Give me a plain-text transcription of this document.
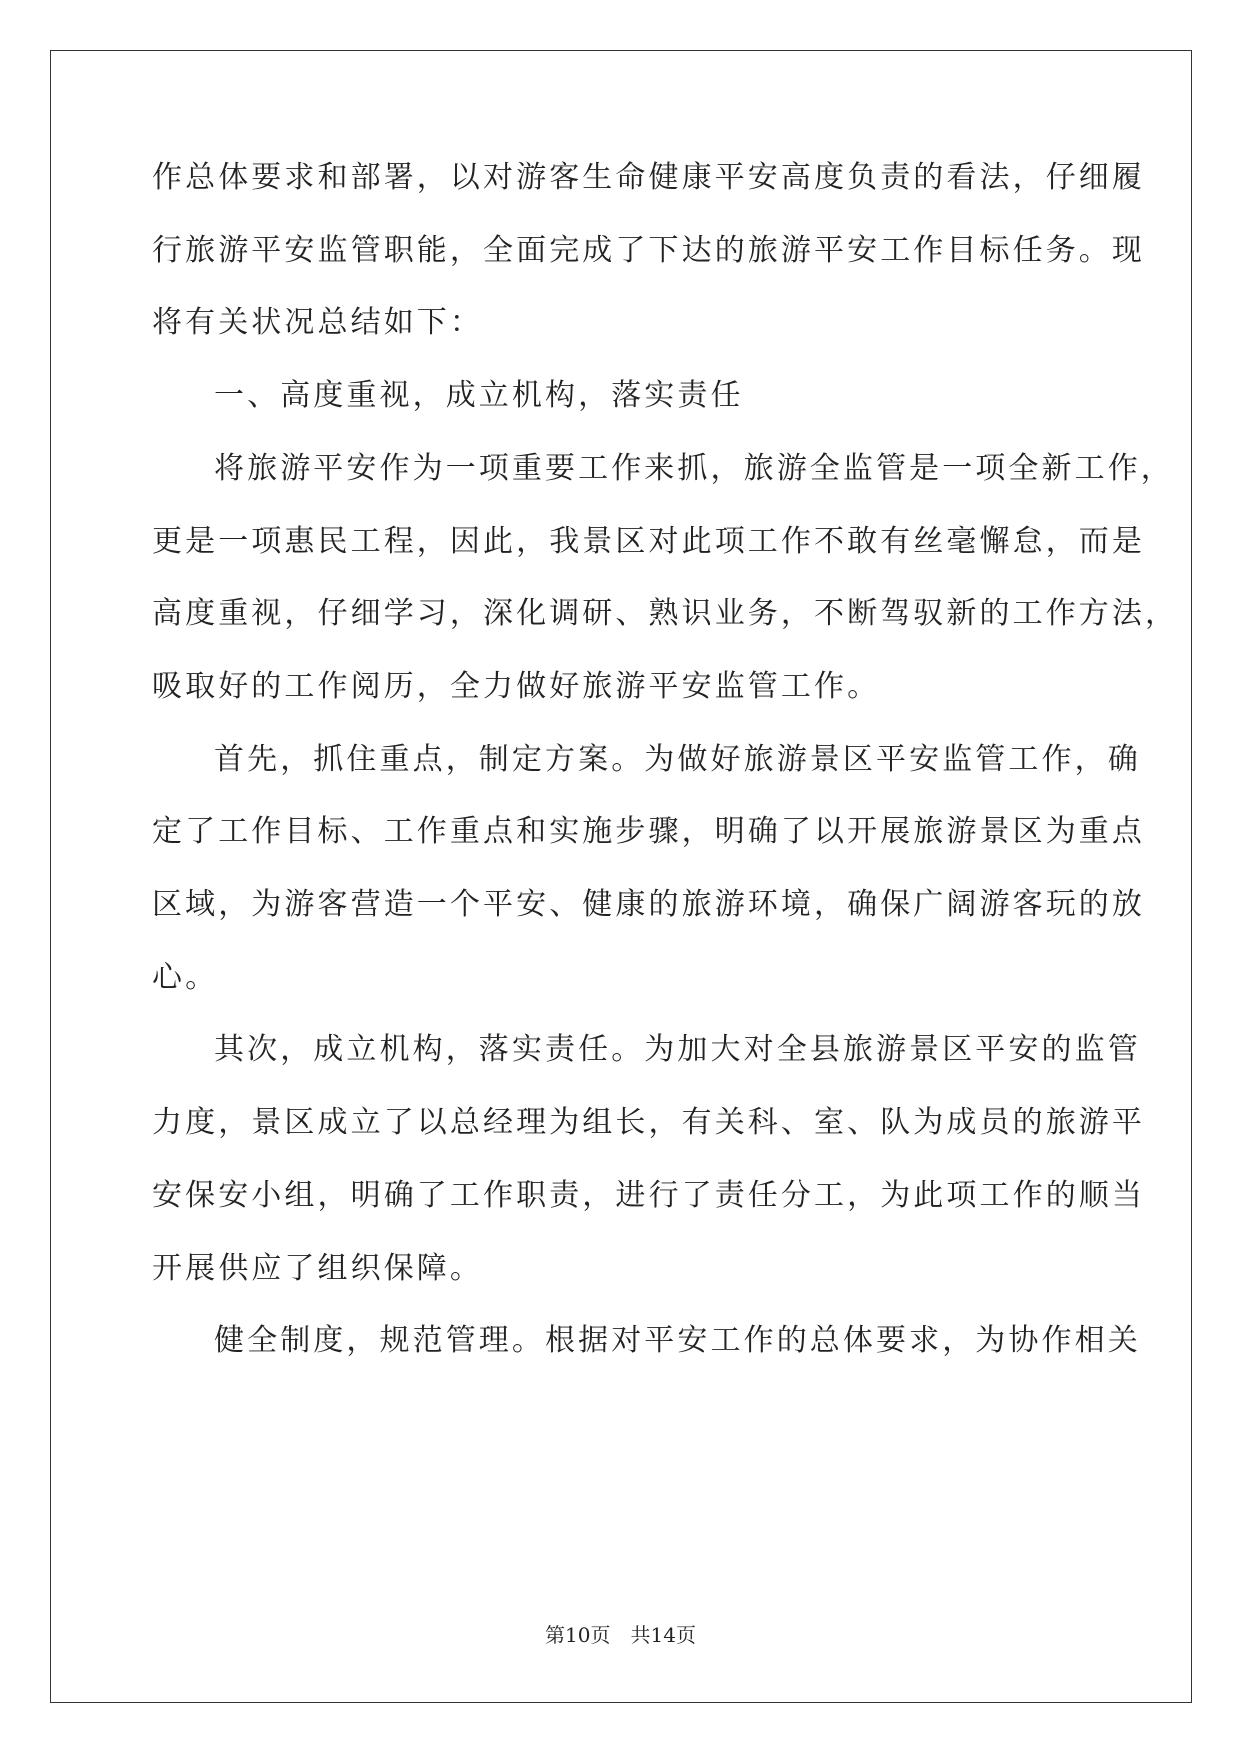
作总体要求和部署，以对游客生命健康平安高度负责的看法，仔细履
行旅游平安监管职能，全面完成了下达的旅游平安工作目标任务。现
将有关状况总结如下：
一、高度重视，成立机构，落实责任
将旅游平安作为一项重要工作来抓，旅游全监管是一项全新工作，
更是一项惠民工程，因此，我景区对此项工作不敢有丝毫懈怠，而是
高度重视，仔细学习，深化调研、熟识业务，不断驾驭新的工作方法，
吸取好的工作阅历，全力做好旅游平安监管工作。
首先，抓住重点，制定方案。为做好旅游景区平安监管工作，确
定了工作目标、工作重点和实施步骤，明确了以开展旅游景区为重点
区域，为游客营造一个平安、健康的旅游环境，确保广阔游客玩的放
心。
其次，成立机构，落实责任。为加大对全县旅游景区平安的监管
力度，景区成立了以总经理为组长，有关科、室、队为成员的旅游平
安保安小组，明确了工作职责，进行了责任分工，为此项工作的顺当
开展供应了组织保障。
健全制度，规范管理。根据对平安工作的总体要求，为协作相关
第10页 共14页
